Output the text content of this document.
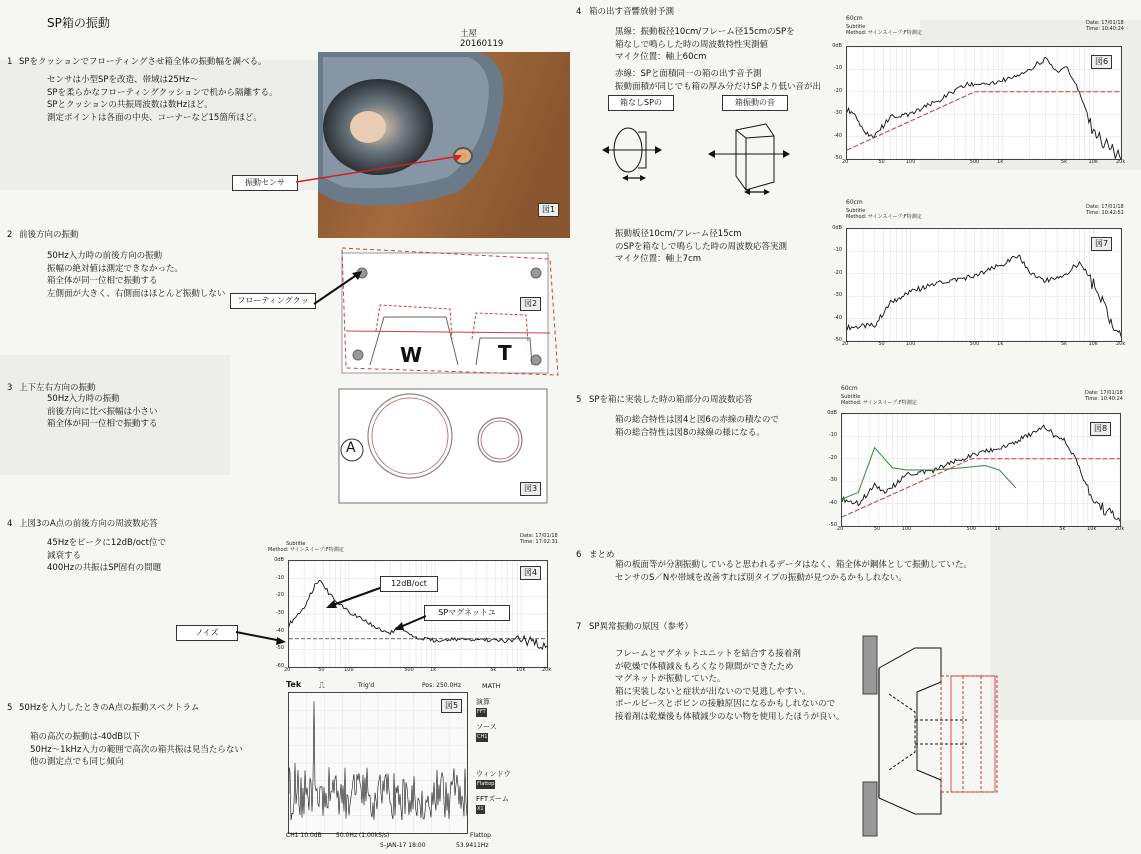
SP箱の振動
土屋
20160119
1 SPをクッションでフローティングさせ箱全体の振動幅を調べる。
センサは小型SPを改造、帯域は25Hz～
SPを柔らかなフローティングクッションで机から隔離する。
SPとクッションの共振周波数は数Hzほど。
測定ポイントは各面の中央、コーナーなど15箇所ほど。
図1
振動センサ
2 前後方向の振動
50Hz入力時の前後方向の振動
振幅の絶対値は測定できなかった。
箱全体が同一位相で振動する
左側面が大きく、右側面はほとんど振動しない
W	T
図2
フローティングクッ
3 上下左右方向の振動
50Hz入力時の振動
前後方向に比べ振幅は小さい
箱全体が同一位相で振動する
A
図3
4 上図3のA点の前後方向の周波数応答
45Hzをピークに12dB/oct位で
減衰する
400Hzの共振はSP固有の問題
Subtitle
Method: サインスイープ:F特測定
Date: 17/01/18
Time: 17:02:31
0dB
-10
-20
-30
-40
-50
-60
20	50	100	500	1k	5k	10k	20k
図4
12dB/oct
SPマグネットユ
ノイズ
5 50Hzを入力したときのA点の振動スペクトラム
箱の高次の振動は-40dB以下
50Hz～1kHz入力の範囲で高次の箱共振は見当たらない
他の測定点でも同じ傾向
Tek ⎍	Trig'd	Pos: 250.0Hz	MATH
図5	演算
FFT
ソース
CH1
ウィンドウ
Flattop
FFTズーム
X1
CH1 10.0dB 50.0Hz (1.00kS/s)	Flattop
5-JAN-17 18:00	53.9411Hz
4 箱の出す音響放射予測
黒線：振動板径10cm/フレーム径15cmのSPを
箱なしで鳴らした時の周波数特性実測値
マイク位置：軸上60cm
赤線：SPと面積同一の箱の出す音予測
振動面積が同じでも箱の厚み分だけSPより低い音が出
箱なしSPの	箱振動の音
振動板径10cm/フレーム径15cm
のSPを箱なしで鳴らした時の周波数応答実測
マイク位置：軸上7cm
60cm
Subtitle
Method: サインスイープ:F特測定
Date: 17/01/18
Time: 10:40:24
図6
0dB
-10
-20
-30
-40
-50
20	50	100	500	1k	5k	10k	20k
60cm
Subtitle
Method: サインスイープ:F特測定
Date: 17/01/18
Time: 10:42:51
図7
0dB
-10
-20
-30
-40
-50
20	50	100	500	1k	5k	10k	20k
5 SPを箱に実装した時の箱部分の周波数応答
箱の総合特性は図4と図6の赤線の積なので
箱の総合特性は図8の緑線の様になる。
60cm
Subtitle
Method: サインスイープ:F特測定
Date: 17/01/18
Time: 10:40:24
図8
0dB
-10
-20
-30
-40
-50
20	50	100	500	1k	5k	10k	20k
6 まとめ
箱の板面等が分割振動していると思われるデータはなく、箱全体が鋼体として振動していた。
センサのS／Nや帯域を改善すれば別タイプの振動が見つかるかもしれない。
7 SP異常振動の原因（参考）
フレームとマグネットユニットを結合する接着剤
が乾燥で体積減＆もろくなり隙間ができたため
マグネットが振動していた。
箱に実装しないと症状が出ないので見逃しやすい。
ポールピースとボビンの接触原因になるかもしれないので
接着剤は乾燥後も体積減少のない物を使用したほうが良い。
